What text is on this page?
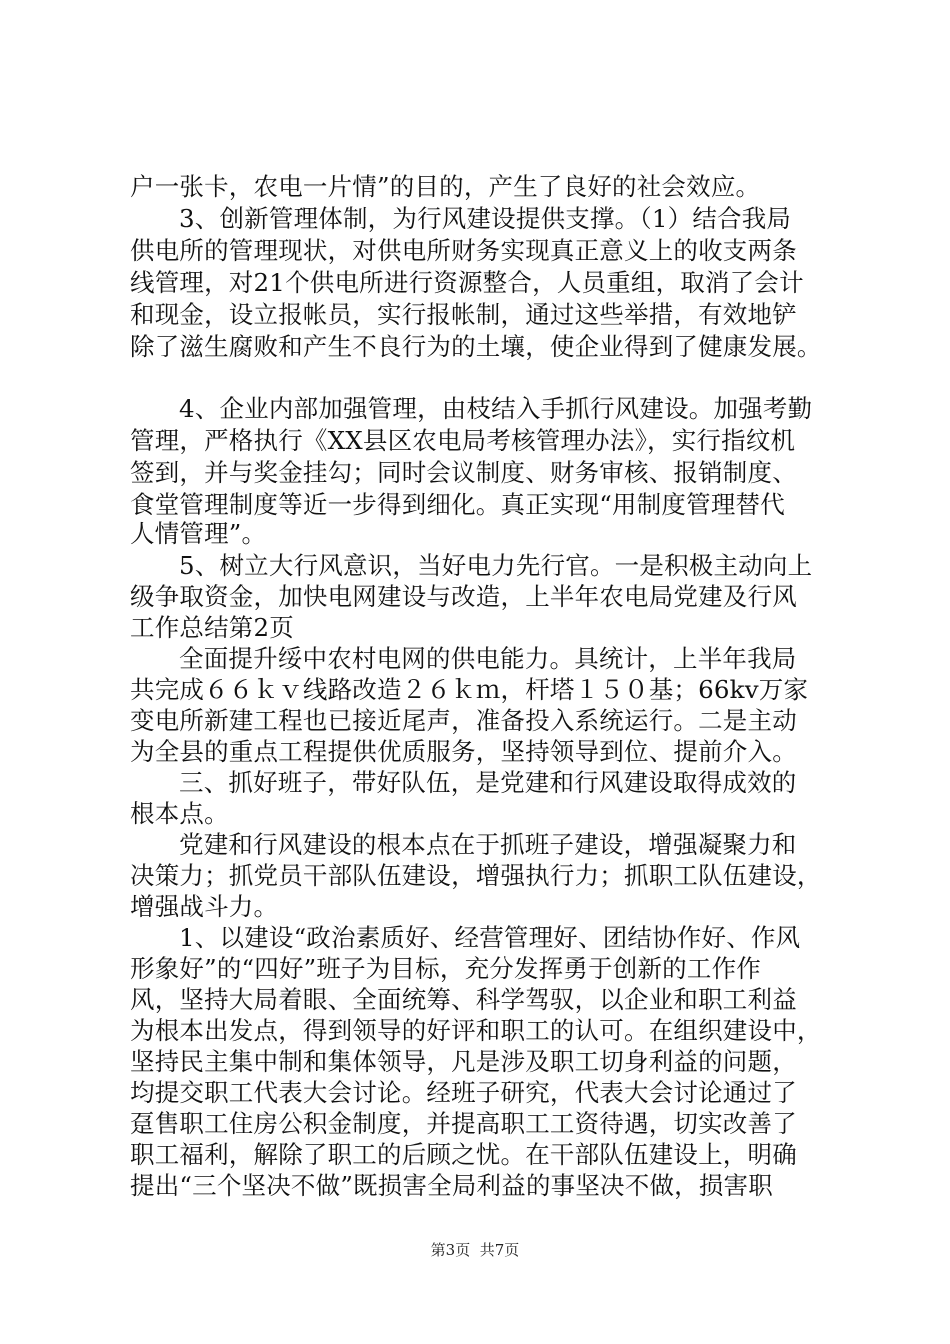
户一张卡，农电一片情”的目的，产生了良好的社会效应。
3、创新管理体制，为行风建设提供支撑。（1）结合我局
供电所的管理现状，对供电所财务实现真正意义上的收支两条
线管理，对21个供电所进行资源整合，人员重组，取消了会计
和现金，设立报帐员，实行报帐制，通过这些举措，有效地铲
除了滋生腐败和产生不良行为的土壤，使企业得到了健康发展。
4、企业内部加强管理，由枝结入手抓行风建设。加强考勤
管理，严格执行《XX县区农电局考核管理办法》，实行指纹机
签到，并与奖金挂勾；同时会议制度、财务审核、报销制度、
食堂管理制度等近一步得到细化。真正实现“用制度管理替代
人情管理”。
5、树立大行风意识，当好电力先行官。一是积极主动向上
级争取资金，加快电网建设与改造，上半年农电局党建及行风
工作总结第2页
全面提升绥中农村电网的供电能力。具统计，上半年我局
共完成６６ｋｖ线路改造２６ｋｍ，杆塔１５０基；66kv万家
变电所新建工程也已接近尾声，准备投入系统运行。二是主动
为全县的重点工程提供优质服务，坚持领导到位、提前介入。
三、抓好班子，带好队伍，是党建和行风建设取得成效的
根本点。
党建和行风建设的根本点在于抓班子建设，增强凝聚力和
决策力；抓党员干部队伍建设，增强执行力；抓职工队伍建设，
增强战斗力。
1、以建设“政治素质好、经营管理好、团结协作好、作风
形象好”的“四好”班子为目标，充分发挥勇于创新的工作作
风，坚持大局着眼、全面统筹、科学驾驭，以企业和职工利益
为根本出发点，得到领导的好评和职工的认可。在组织建设中，
坚持民主集中制和集体领导，凡是涉及职工切身利益的问题，
均提交职工代表大会讨论。经班子研究，代表大会讨论通过了
趸售职工住房公积金制度，并提高职工工资待遇，切实改善了
职工福利，解除了职工的后顾之忧。在干部队伍建设上，明确
提出“三个坚决不做”既损害全局利益的事坚决不做，损害职
第3页 共7页
